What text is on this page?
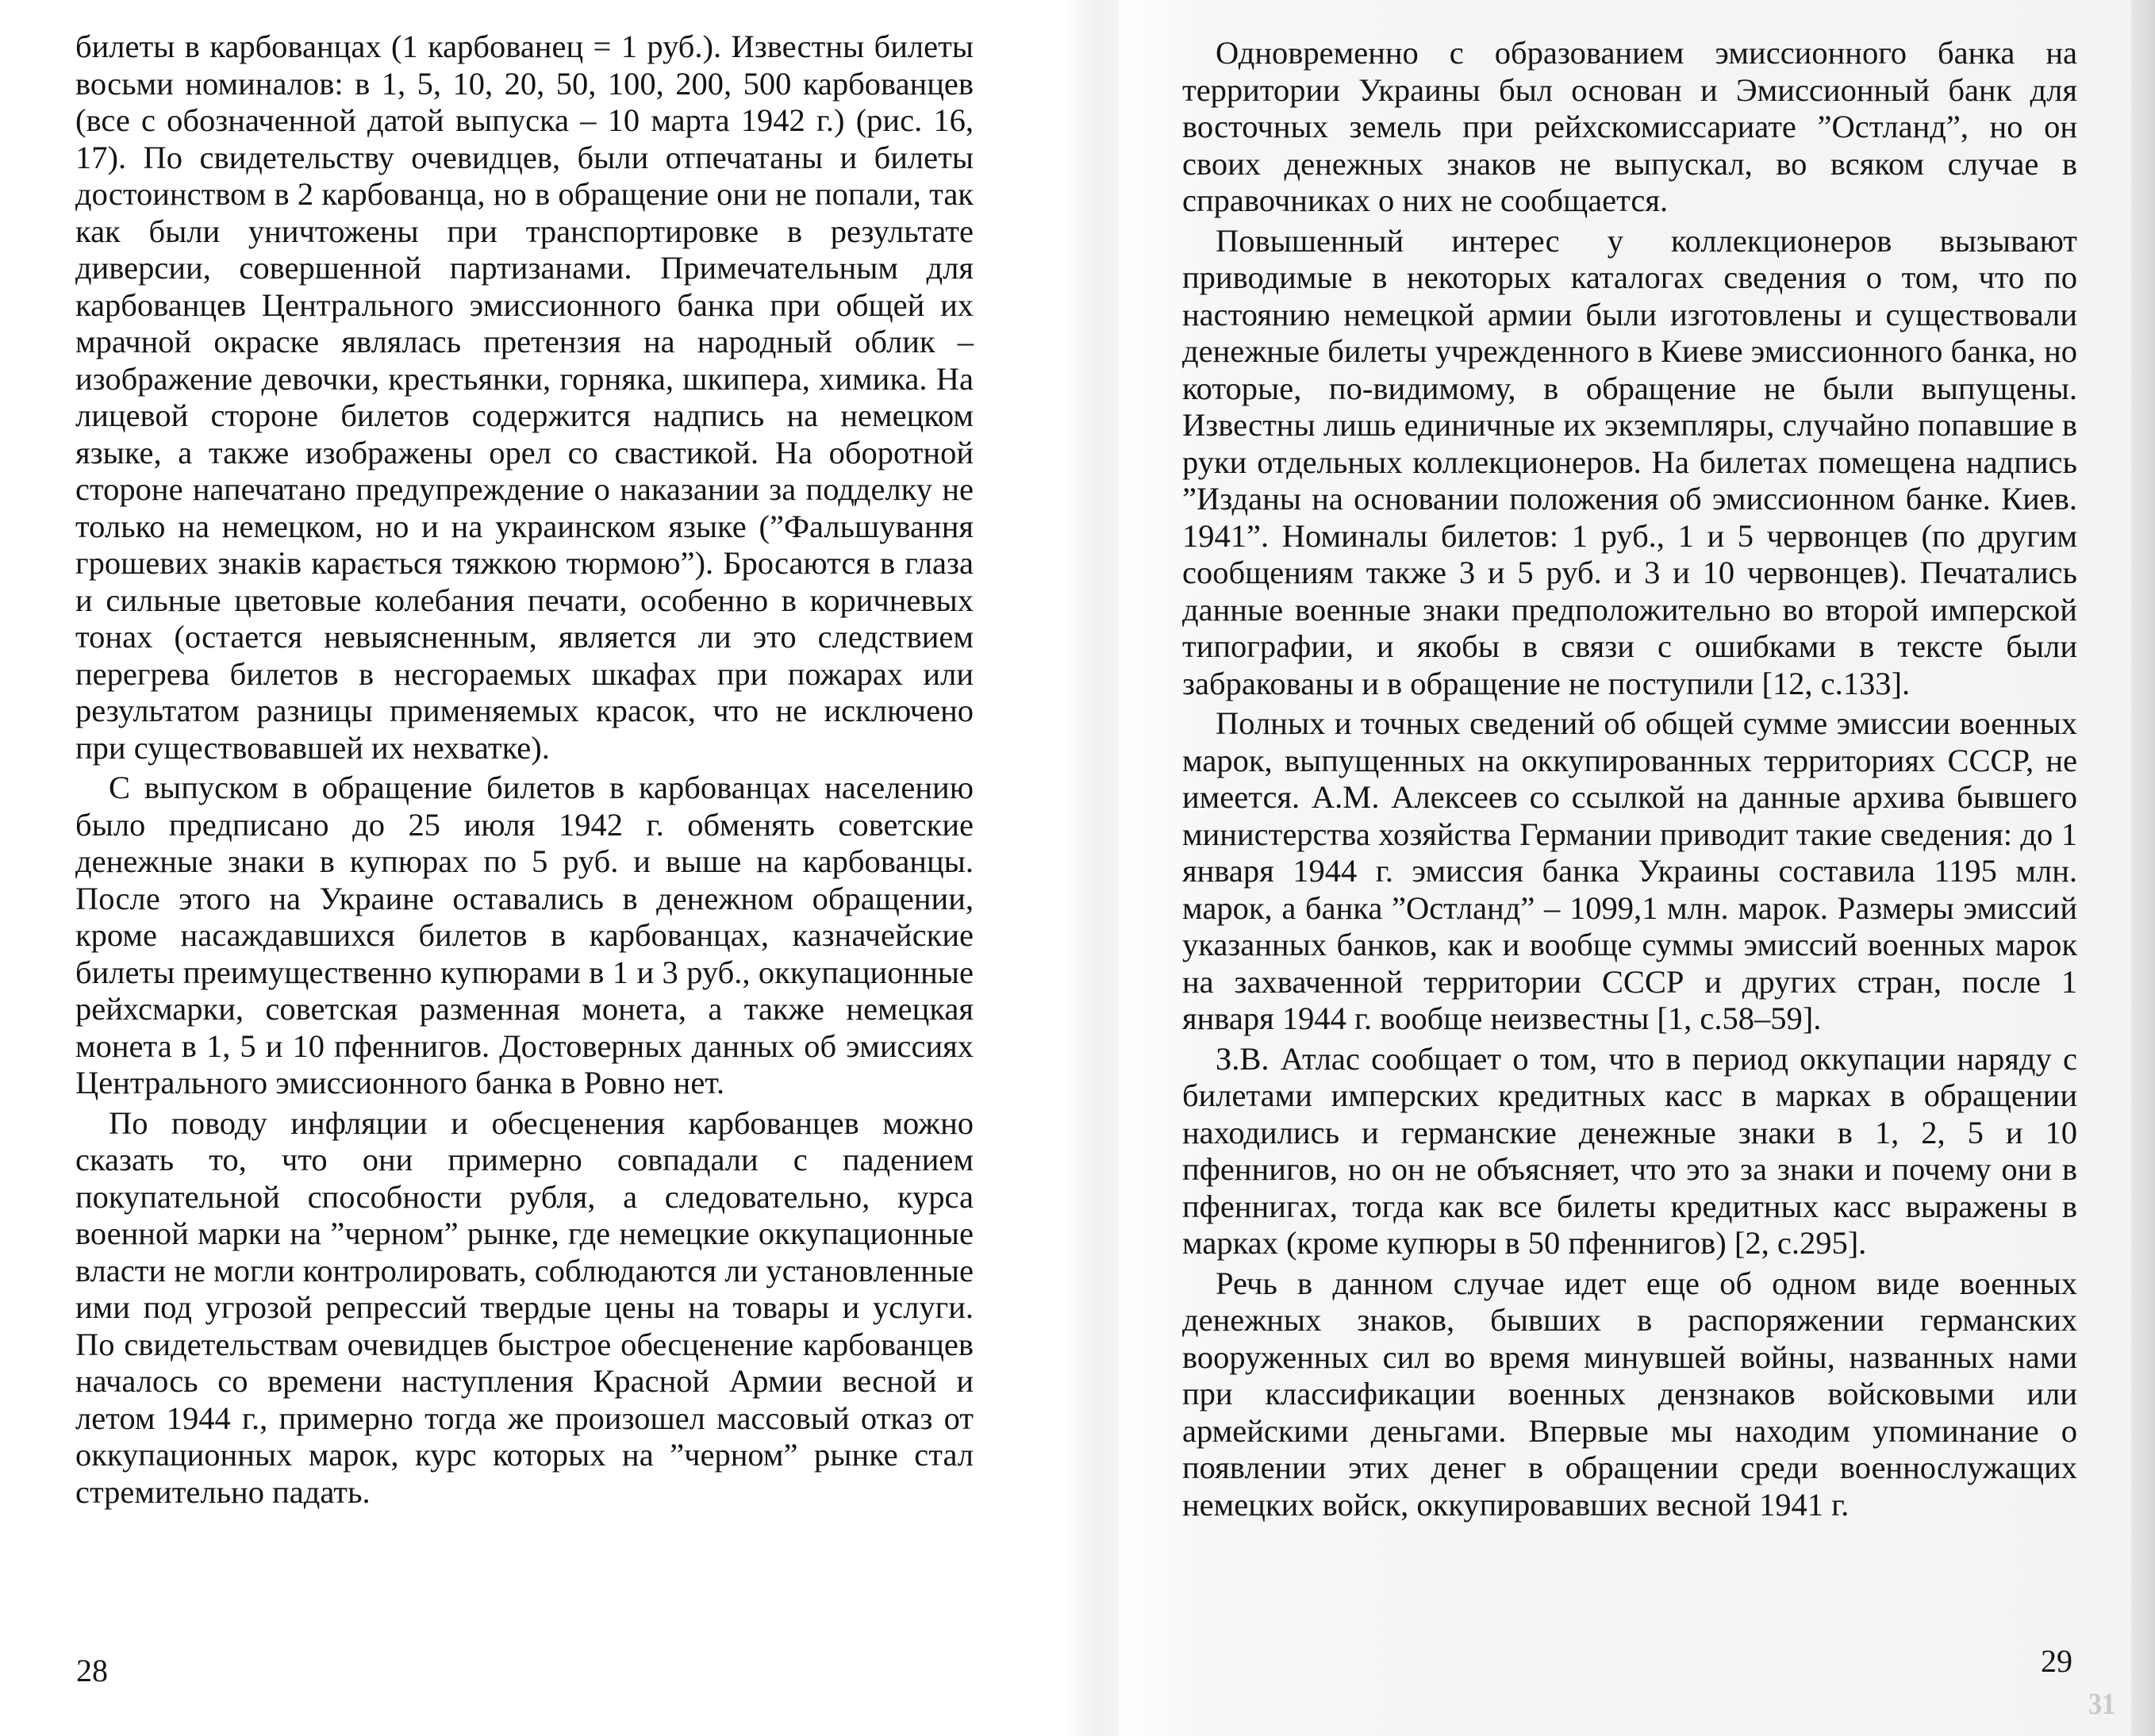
билеты в карбованцах (1 карбованец = 1 руб.). Известны билеты восьми номиналов: в 1, 5, 10, 20, 50, 100, 200, 500 карбованцев (все с обозначенной датой выпуска – 10 марта 1942 г.) (рис. 16, 17). По свидетельству очевидцев, были отпечатаны и билеты достоинством в 2 карбованца, но в обращение они не попали, так как были уничтожены при транспортировке в результате диверсии, совершенной партизанами. Примечательным для карбованцев Центрального эмиссионного банка при общей их мрачной окраске являлась претензия на народный облик – изображение девочки, крестьянки, горняка, шкипера, химика. На лицевой стороне билетов содержится надпись на немецком языке, а также изображены орел со свастикой. На оборотной стороне напечатано предупреждение о наказании за подделку не только на немецком, но и на украинском языке (”Фальшування грошевих знаків карається тяжкою тюрмою”). Бросаются в глаза и сильные цветовые колебания печати, особенно в коричневых тонах (остается невыясненным, является ли это следствием перегрева билетов в несгораемых шкафах при пожарах или результатом разницы применяемых красок, что не исключено при существовавшей их нехватке).

С выпуском в обращение билетов в карбованцах населению было предписано до 25 июля 1942 г. обменять советские денежные знаки в купюрах по 5 руб. и выше на карбованцы. После этого на Украине оставались в денежном обращении, кроме насаждавшихся билетов в карбованцах, казначейские билеты преимущественно купюрами в 1 и 3 руб., оккупационные рейхсмарки, советская разменная монета, а также немецкая монета в 1, 5 и 10 пфеннигов. Достоверных данных об эмиссиях Центрального эмиссионного банка в Ровно нет.

По поводу инфляции и обесценения карбованцев можно сказать то, что они примерно совпадали с падением покупательной способности рубля, а следовательно, курса военной марки на ”черном” рынке, где немецкие оккупационные власти не могли контролировать, соблюдаются ли установленные ими под угрозой репрессий твердые цены на товары и услуги. По свидетельствам очевидцев быстрое обесценение карбованцев началось со времени наступления Красной Армии весной и летом 1944 г., примерно тогда же произошел массовый отказ от оккупационных марок, курс которых на ”черном” рынке стал стремительно падать.

28

Одновременно с образованием эмиссионного банка на территории Украины был основан и Эмиссионный банк для восточных земель при рейхскомиссариате ”Остланд”, но он своих денежных знаков не выпускал, во всяком случае в справочниках о них не сообщается.

Повышенный интерес у коллекционеров вызывают приводимые в некоторых каталогах сведения о том, что по настоянию немецкой армии были изготовлены и существовали денежные билеты учрежденного в Киеве эмиссионного банка, но которые, по-видимому, в обращение не были выпущены. Известны лишь единичные их экземпляры, случайно попавшие в руки отдельных коллекционеров. На билетах помещена надпись ”Изданы на основании положения об эмиссионном банке. Киев. 1941”. Номиналы билетов: 1 руб., 1 и 5 червонцев (по другим сообщениям также 3 и 5 руб. и 3 и 10 червонцев). Печатались данные военные знаки предположительно во второй имперской типографии, и якобы в связи с ошибками в тексте были забракованы и в обращение не поступили [12, с.133].

Полных и точных сведений об общей сумме эмиссии военных марок, выпущенных на оккупированных территориях СССР, не имеется. А.М. Алексеев со ссылкой на данные архива бывшего министерства хозяйства Германии приводит такие сведения: до 1 января 1944 г. эмиссия банка Украины составила 1195 млн. марок, а банка ”Остланд” – 1099,1 млн. марок. Размеры эмиссий указанных банков, как и вообще суммы эмиссий военных марок на захваченной территории СССР и других стран, после 1 января 1944 г. вообще неизвестны [1, с.58–59].

З.В. Атлас сообщает о том, что в период оккупации наряду с билетами имперских кредитных касс в марках в обращении находились и германские денежные знаки в 1, 2, 5 и 10 пфеннигов, но он не объясняет, что это за знаки и почему они в пфеннигах, тогда как все билеты кредитных касс выражены в марках (кроме купюры в 50 пфеннигов) [2, с.295].

Речь в данном случае идет еще об одном виде военных денежных знаков, бывших в распоряжении германских вооруженных сил во время минувшей войны, названных нами при классификации военных дензнаков войсковыми или армейскими деньгами. Впервые мы находим упоминание о появлении этих денег в обращении среди военнослужащих немецких войск, оккупировавших весной 1941 г.

29
31
